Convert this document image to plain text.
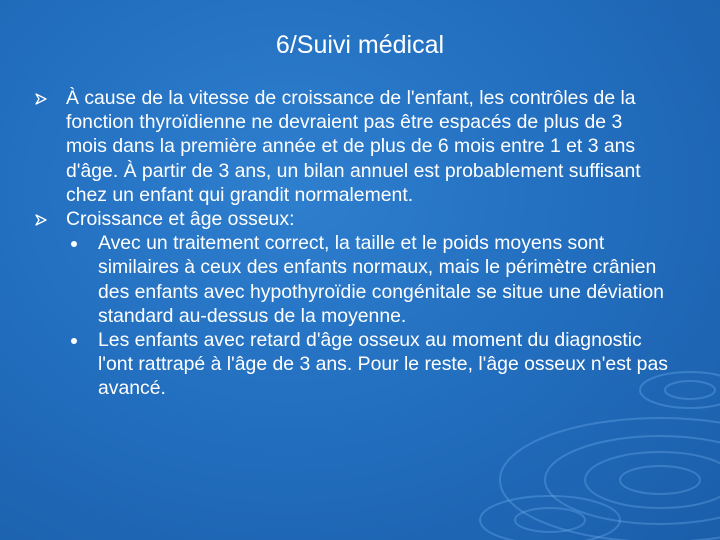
6/Suivi médical
À cause de la vitesse de croissance de l'enfant, les contrôles de la fonction thyroïdienne ne devraient pas être espacés de plus de 3 mois dans la première année et de plus de 6 mois entre 1 et 3 ans d'âge. À partir de 3 ans, un bilan annuel est probablement suffisant chez un enfant qui grandit normalement.
Croissance et âge osseux:
Avec un traitement correct, la taille et le poids moyens sont similaires à ceux des enfants normaux, mais le périmètre crânien des enfants avec hypothyroïdie congénitale se situe une déviation standard au-dessus de la moyenne.
Les enfants avec retard d'âge osseux au moment du diagnostic l'ont rattrapé à l'âge de 3 ans. Pour le reste, l'âge osseux n'est pas avancé.
